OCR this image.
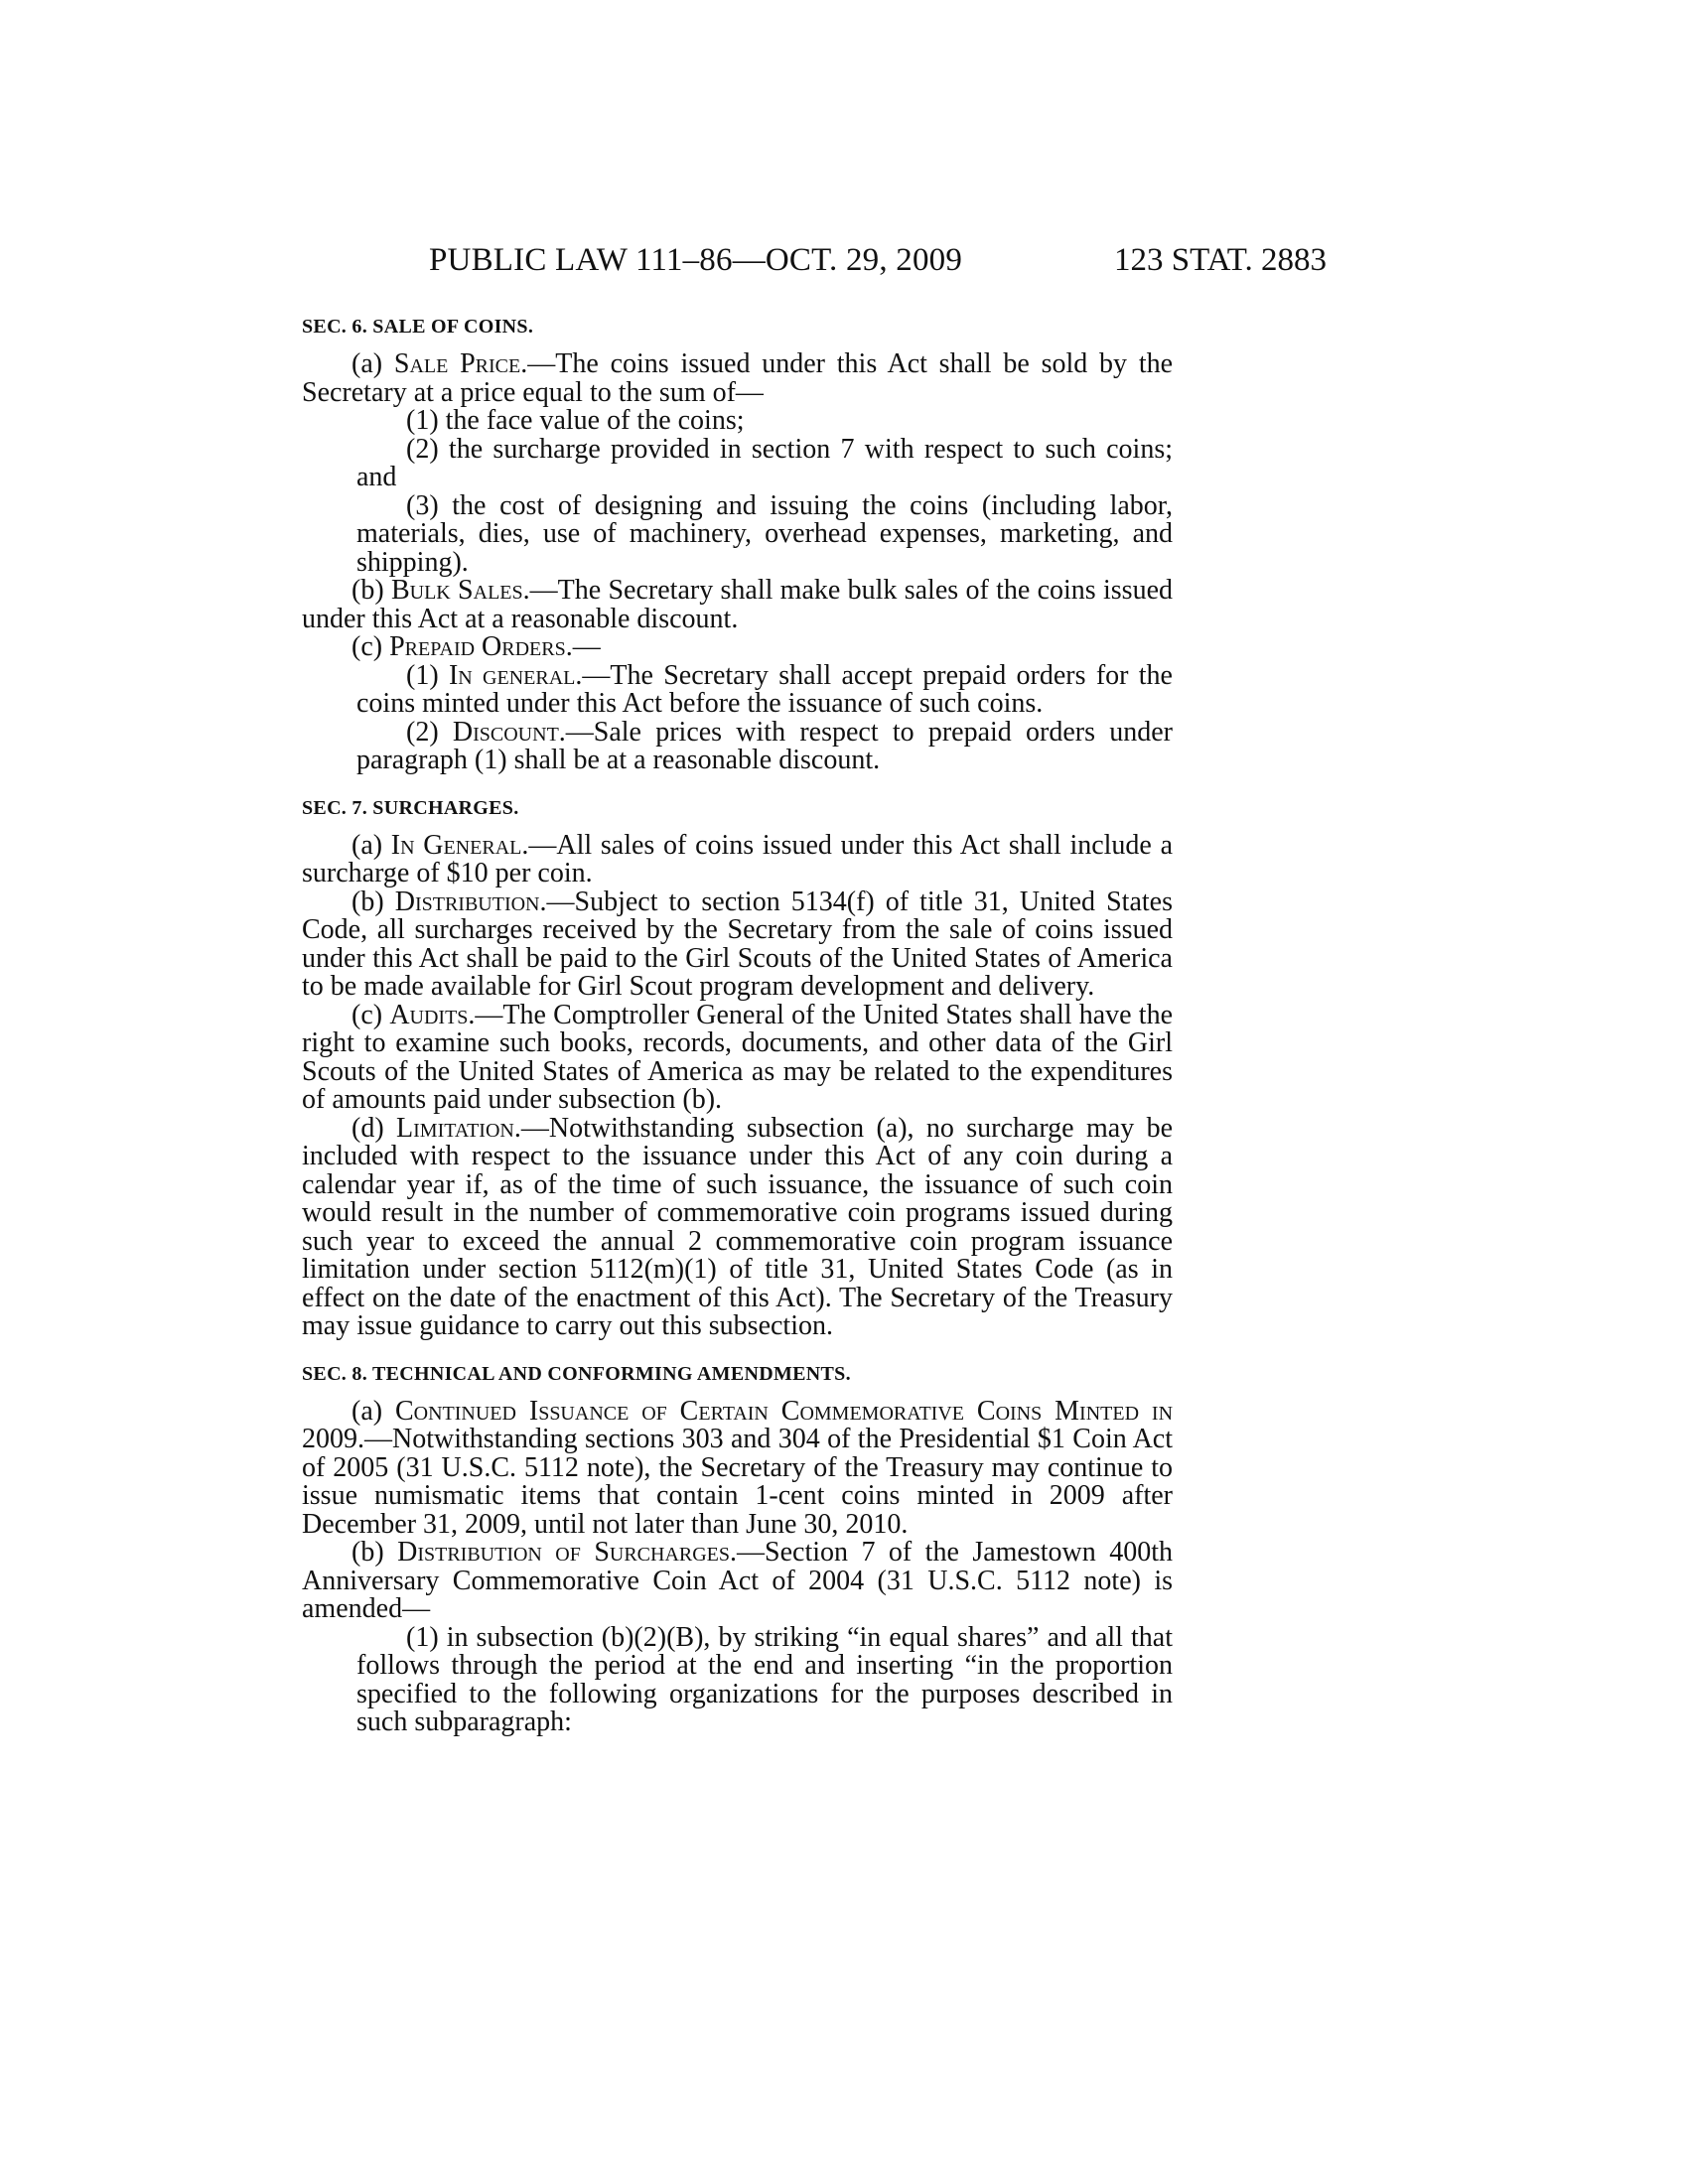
PUBLIC LAW 111–86—OCT. 29, 2009	123 STAT. 2883
SEC. 6. SALE OF COINS.

(a) Sale Price.—The coins issued under this Act shall be sold by the Secretary at a price equal to the sum of—

(1) the face value of the coins;

(2) the surcharge provided in section 7 with respect to such coins; and

(3) the cost of designing and issuing the coins (including labor, materials, dies, use of machinery, overhead expenses, marketing, and shipping).

(b) Bulk Sales.—The Secretary shall make bulk sales of the coins issued under this Act at a reasonable discount.

(c) Prepaid Orders.—

(1) In general.—The Secretary shall accept prepaid orders for the coins minted under this Act before the issuance of such coins.

(2) Discount.—Sale prices with respect to prepaid orders under paragraph (1) shall be at a reasonable discount.

SEC. 7. SURCHARGES.

(a) In General.—All sales of coins issued under this Act shall include a surcharge of $10 per coin.

(b) Distribution.—Subject to section 5134(f) of title 31, United States Code, all surcharges received by the Secretary from the sale of coins issued under this Act shall be paid to the Girl Scouts of the United States of America to be made available for Girl Scout program development and delivery.

(c) Audits.—The Comptroller General of the United States shall have the right to examine such books, records, documents, and other data of the Girl Scouts of the United States of America as may be related to the expenditures of amounts paid under subsection (b).

(d) Limitation.—Notwithstanding subsection (a), no surcharge may be included with respect to the issuance under this Act of any coin during a calendar year if, as of the time of such issuance, the issuance of such coin would result in the number of commemorative coin programs issued during such year to exceed the annual 2 commemorative coin program issuance limitation under section 5112(m)(1) of title 31, United States Code (as in effect on the date of the enactment of this Act). The Secretary of the Treasury may issue guidance to carry out this subsection.

SEC. 8. TECHNICAL AND CONFORMING AMENDMENTS.

(a) Continued Issuance of Certain Commemorative Coins Minted in 2009.—Notwithstanding sections 303 and 304 of the Presidential $1 Coin Act of 2005 (31 U.S.C. 5112 note), the Secretary of the Treasury may continue to issue numismatic items that contain 1-cent coins minted in 2009 after December 31, 2009, until not later than June 30, 2010.

(b) Distribution of Surcharges.—Section 7 of the Jamestown 400th Anniversary Commemorative Coin Act of 2004 (31 U.S.C. 5112 note) is amended—

(1) in subsection (b)(2)(B), by striking “in equal shares” and all that follows through the period at the end and inserting “in the proportion specified to the following organizations for the purposes described in such subparagraph:
